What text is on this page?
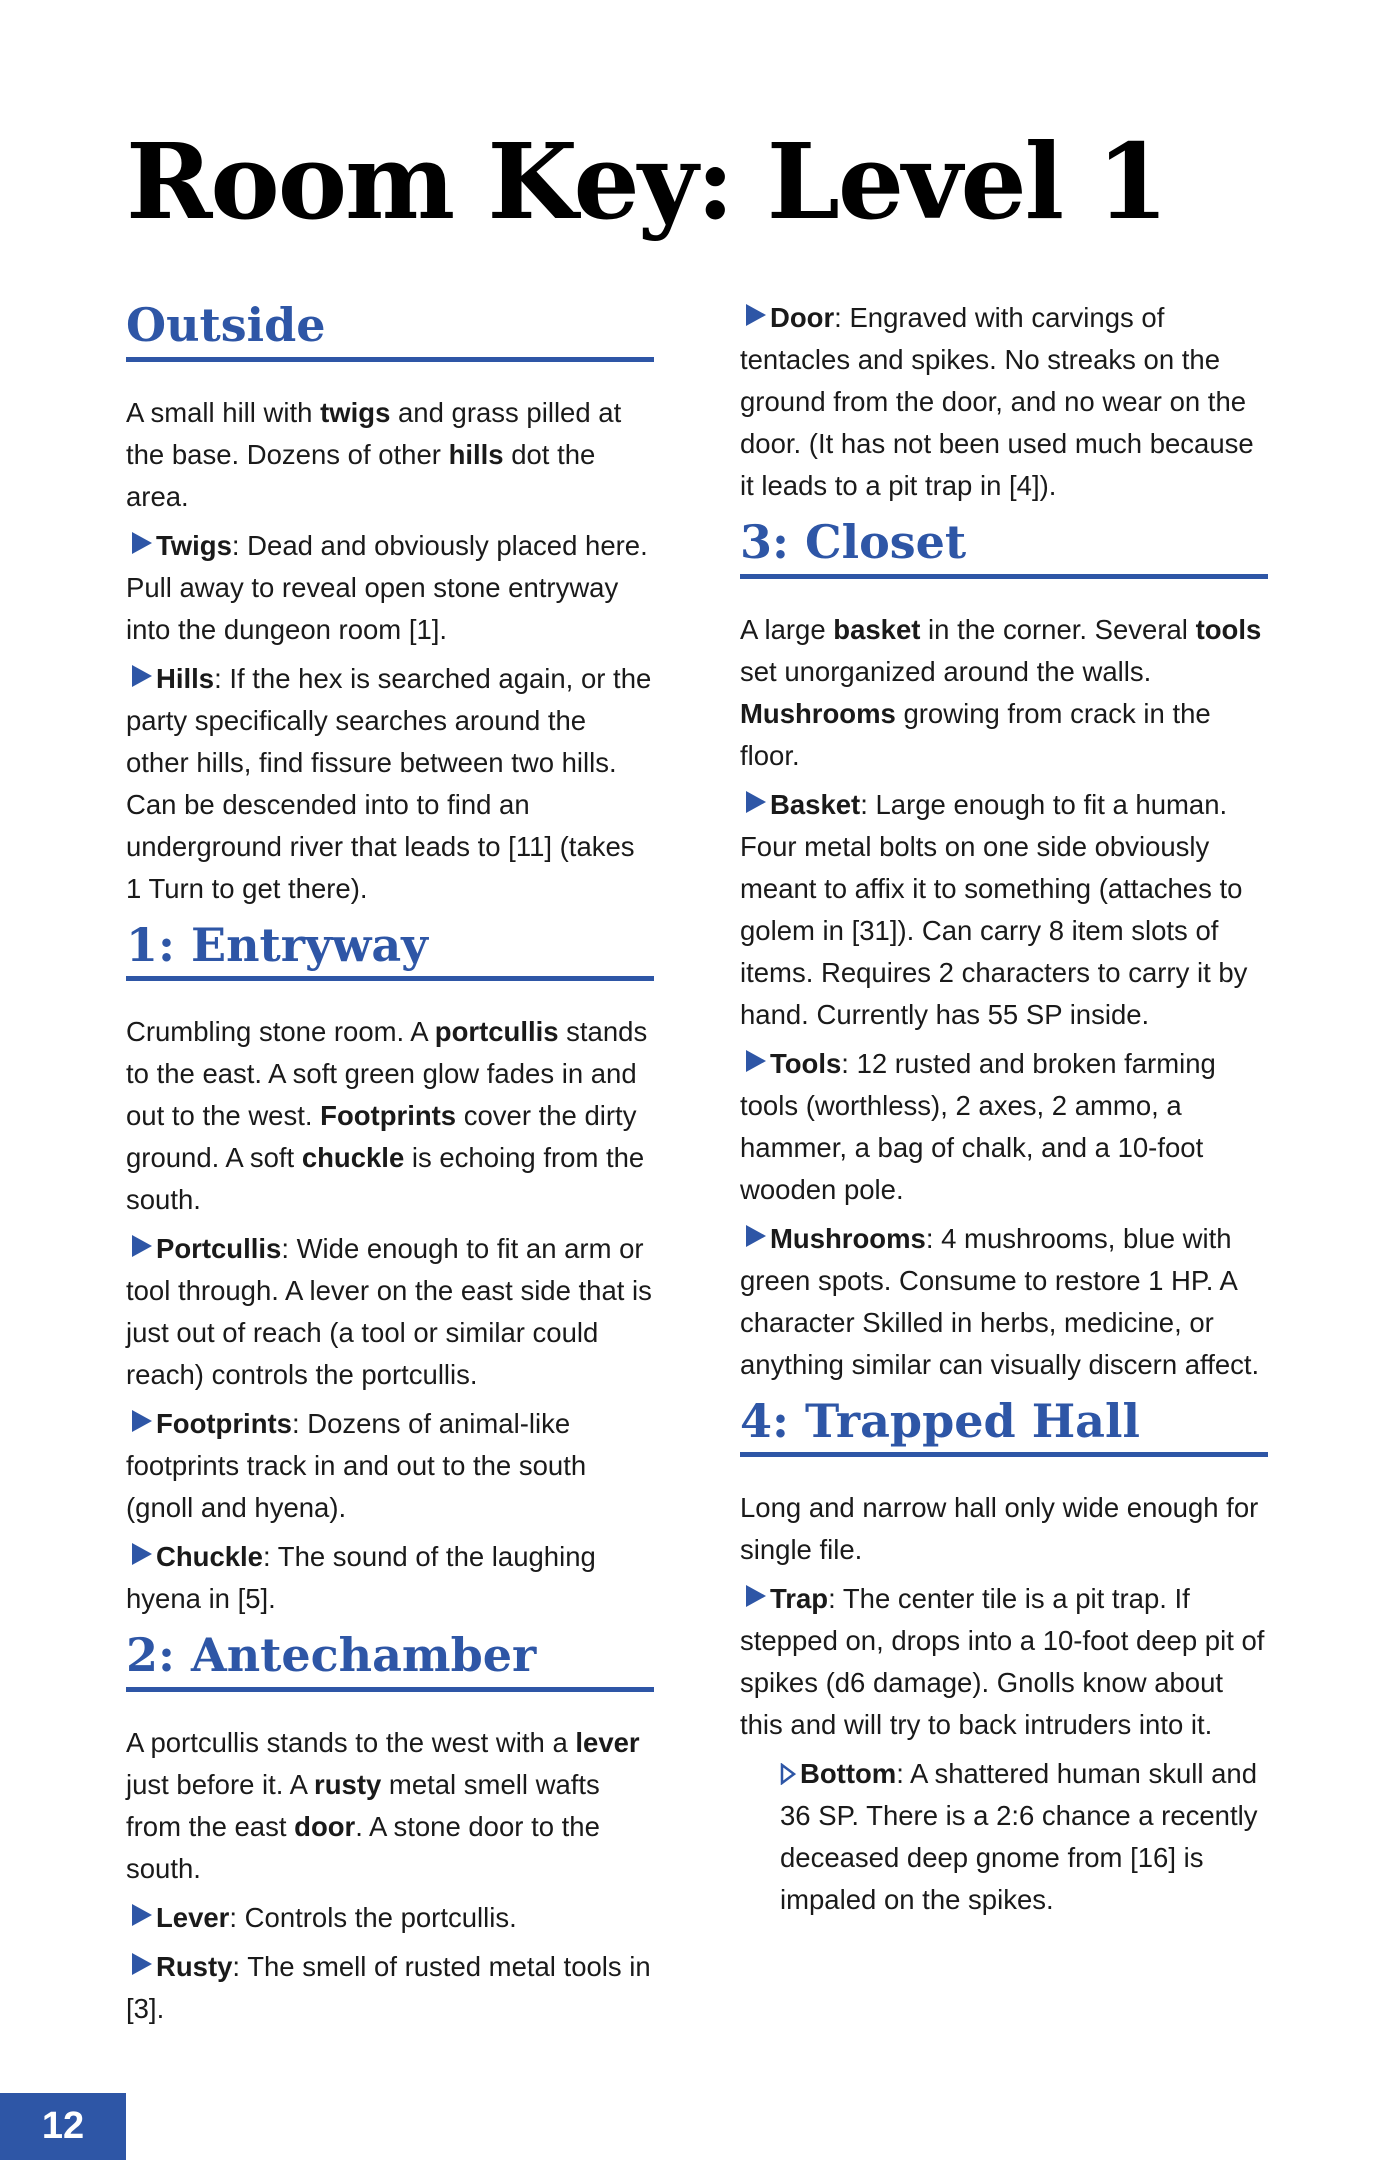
Room Key: Level 1
Outside

A small hill with twigs and grass pilled at the base. Dozens of other hills dot the area.

Twigs: Dead and obviously placed here. Pull away to reveal open stone entryway into the dungeon room [1].

Hills: If the hex is searched again, or the party specifically searches around the other hills, find fissure between two hills. Can be descended into to find an underground river that leads to [11] (takes 1 Turn to get there).

1: Entryway

Crumbling stone room. A portcullis stands to the east. A soft green glow fades in and out to the west. Footprints cover the dirty ground. A soft chuckle is echoing from the south.

Portcullis: Wide enough to fit an arm or tool through. A lever on the east side that is just out of reach (a tool or similar could reach) controls the portcullis.

Footprints: Dozens of animal-like footprints track in and out to the south (gnoll and hyena).

Chuckle: The sound of the laughing hyena in [5].

2: Antechamber

A portcullis stands to the west with a lever just before it. A rusty metal smell wafts from the east door. A stone door to the south.

Lever: Controls the portcullis.

Rusty: The smell of rusted metal tools in [3].

Door: Engraved with carvings of tentacles and spikes. No streaks on the ground from the door, and no wear on the door. (It has not been used much because it leads to a pit trap in [4]).

3: Closet

A large basket in the corner. Several tools set unorganized around the walls. Mushrooms growing from crack in the floor.

Basket: Large enough to fit a human. Four metal bolts on one side obviously meant to affix it to something (attaches to golem in [31]). Can carry 8 item slots of items. Requires 2 characters to carry it by hand. Currently has 55 SP inside.

Tools: 12 rusted and broken farming tools (worthless), 2 axes, 2 ammo, a hammer, a bag of chalk, and a 10-foot wooden pole.

Mushrooms: 4 mushrooms, blue with green spots. Consume to restore 1 HP. A character Skilled in herbs, medicine, or anything similar can visually discern affect.

4: Trapped Hall

Long and narrow hall only wide enough for single file.

Trap: The center tile is a pit trap. If stepped on, drops into a 10-foot deep pit of spikes (d6 damage). Gnolls know about this and will try to back intruders into it.

Bottom: A shattered human skull and 36 SP. There is a 2:6 chance a recently deceased deep gnome from [16] is impaled on the spikes.

12
